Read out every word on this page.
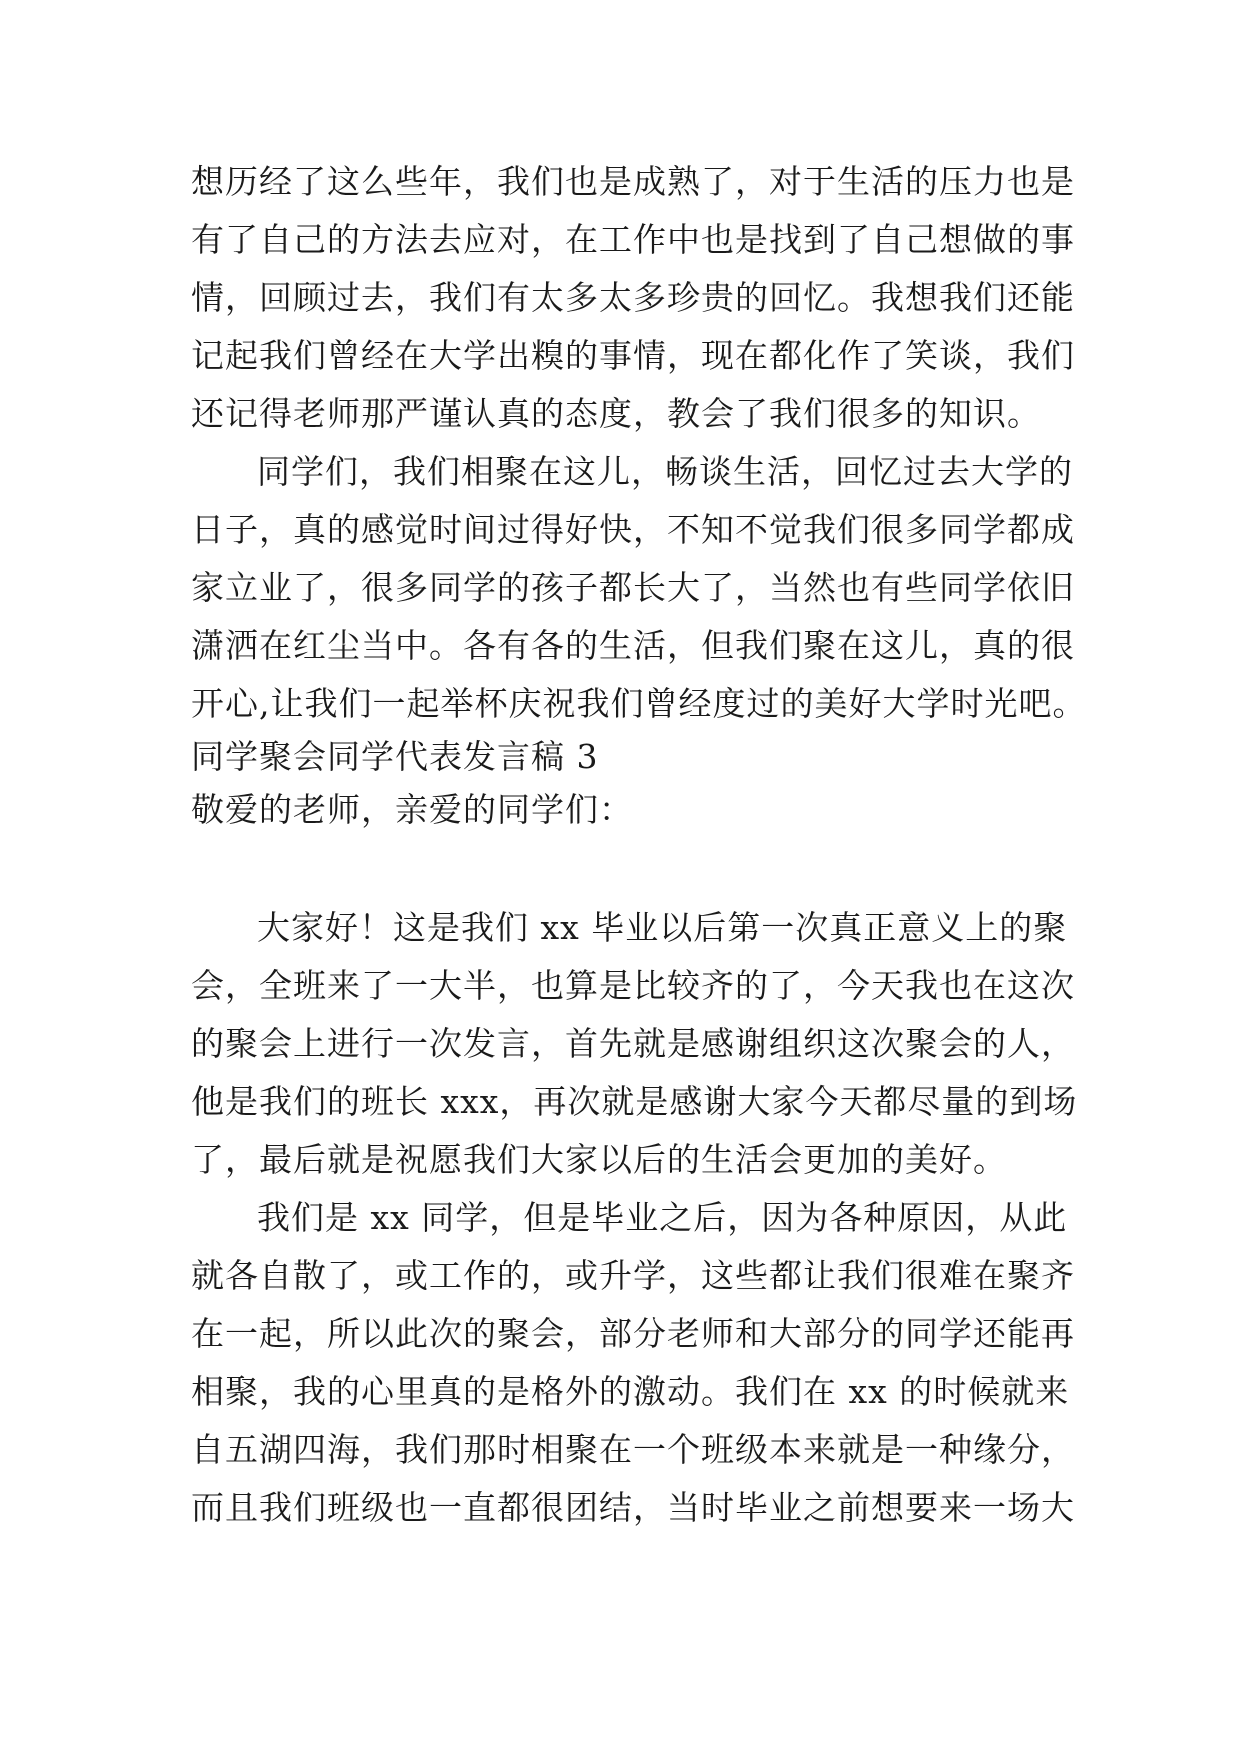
想历经了这么些年，我们也是成熟了，对于生活的压力也是
有了自己的方法去应对，在工作中也是找到了自己想做的事
情，回顾过去，我们有太多太多珍贵的回忆。我想我们还能
记起我们曾经在大学出糗的事情，现在都化作了笑谈，我们
还记得老师那严谨认真的态度，教会了我们很多的知识。
同学们，我们相聚在这儿，畅谈生活，回忆过去大学的
日子，真的感觉时间过得好快，不知不觉我们很多同学都成
家立业了，很多同学的孩子都长大了，当然也有些同学依旧
潇洒在红尘当中。各有各的生活，但我们聚在这儿，真的很
开心,让我们一起举杯庆祝我们曾经度过的美好大学时光吧。
同学聚会同学代表发言稿 3
敬爱的老师，亲爱的同学们：
大家好！这是我们 xx 毕业以后第一次真正意义上的聚
会，全班来了一大半，也算是比较齐的了，今天我也在这次
的聚会上进行一次发言，首先就是感谢组织这次聚会的人，
他是我们的班长 xxx，再次就是感谢大家今天都尽量的到场
了，最后就是祝愿我们大家以后的生活会更加的美好。
我们是 xx 同学，但是毕业之后，因为各种原因，从此
就各自散了，或工作的，或升学，这些都让我们很难在聚齐
在一起，所以此次的聚会，部分老师和大部分的同学还能再
相聚，我的心里真的是格外的激动。我们在 xx 的时候就来
自五湖四海，我们那时相聚在一个班级本来就是一种缘分，
而且我们班级也一直都很团结，当时毕业之前想要来一场大
